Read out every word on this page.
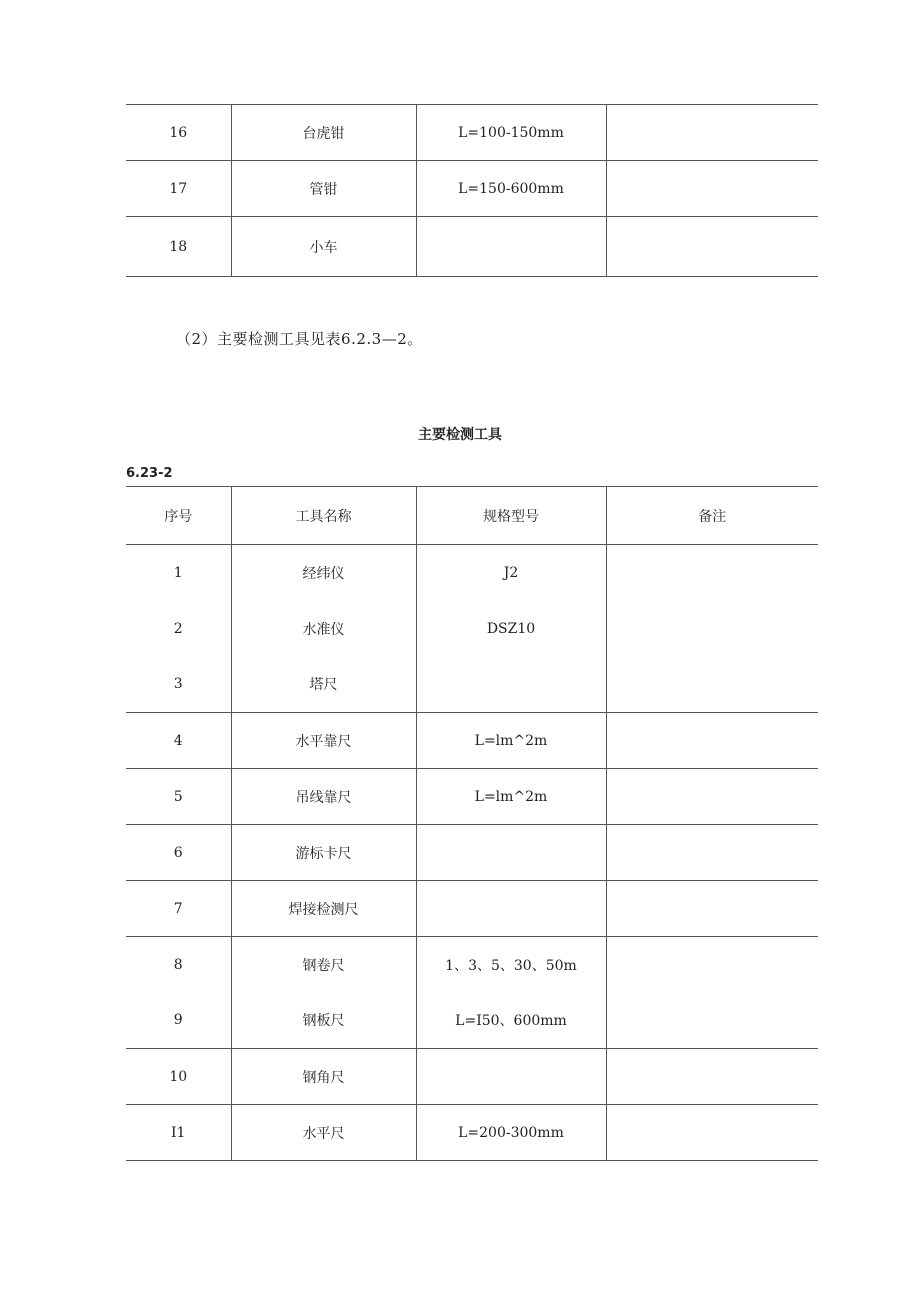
16	台虎钳	L=100-150mm	
17	管钳	L=150-600mm	
18	小车		
（2）主要检测工具见表6.2.3—2。
主要检测工具
6.23-2
序号	工具名称	规格型号	备注
1	经纬仪	J2	
2	水准仪	DSZ10	
3	塔尺		
4	水平靠尺	L=lm^2m	
5	吊线靠尺	L=lm^2m	
6	游标卡尺		
7	焊接检测尺		
8	钢卷尺	1、3、5、30、50m	
9	钢板尺	L=I50、600mm	
10	钢角尺		
I1	水平尺	L=200-300mm	
